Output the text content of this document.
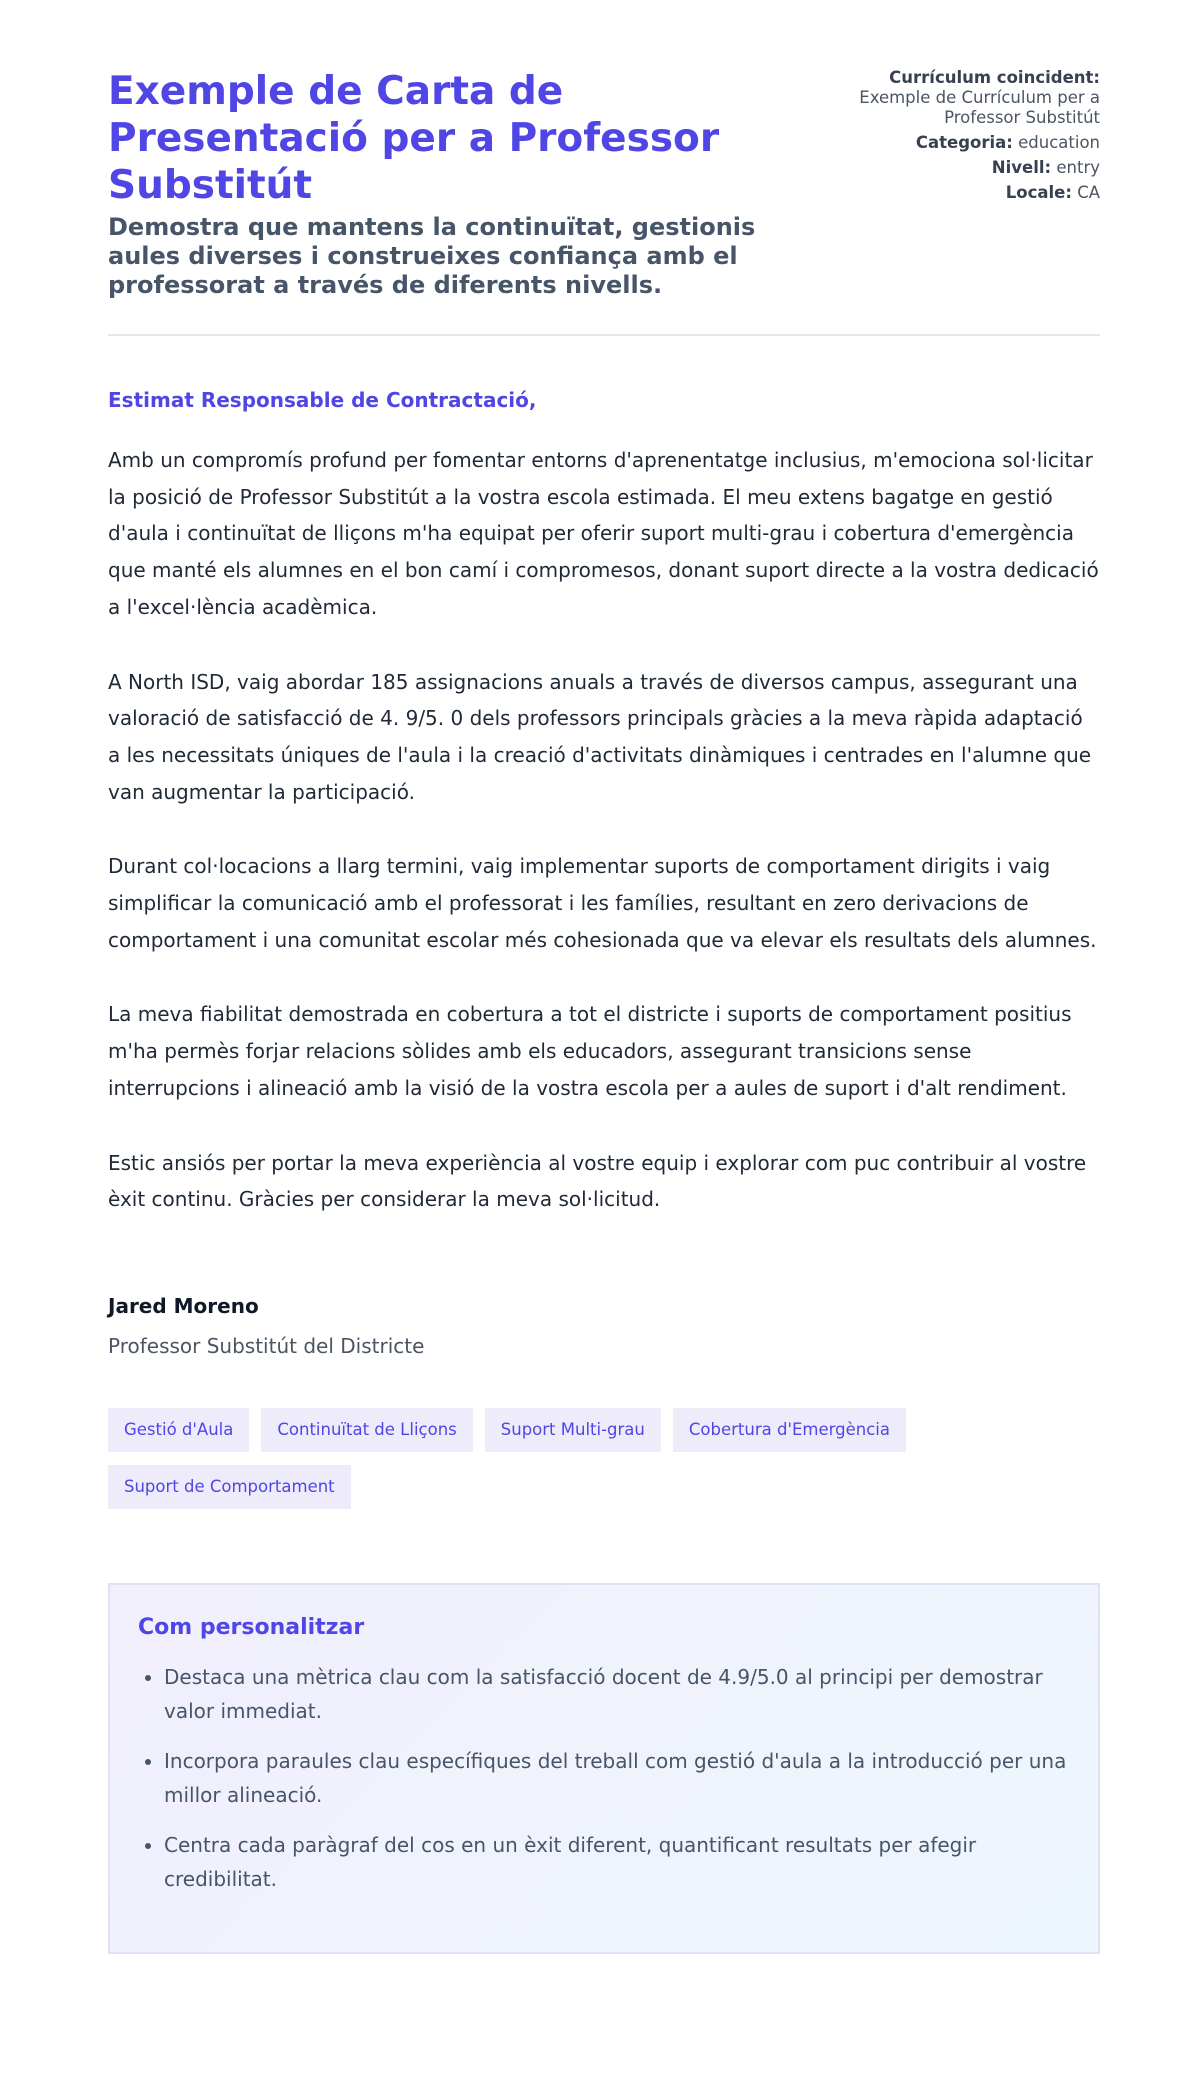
Exemple de Carta de Presentació per a Professor Substitút
Demostra que mantens la continuïtat, gestionis aules diverses i construeixes confiança amb el professorat a través de diferents nivells.
Currículum coincident:
Exemple de Currículum per a Professor Substitút
Categoria: education
Nivell: entry
Locale: CA
Estimat Responsable de Contractació,

Amb un compromís profund per fomentar entorns d'aprenentatge inclusius, m'emociona sol·licitar la posició de Professor Substitút a la vostra escola estimada. El meu extens bagatge en gestió d'aula i continuïtat de lliçons m'ha equipat per oferir suport multi-grau i cobertura d'emergència que manté els alumnes en el bon camí i compromesos, donant suport directe a la vostra dedicació a l'excel·lència acadèmica.

A North ISD, vaig abordar 185 assignacions anuals a través de diversos campus, assegurant una valoració de satisfacció de 4. 9/5. 0 dels professors principals gràcies a la meva ràpida adaptació a les necessitats úniques de l'aula i la creació d'activitats dinàmiques i centrades en l'alumne que van augmentar la participació.

Durant col·locacions a llarg termini, vaig implementar suports de comportament dirigits i vaig simplificar la comunicació amb el professorat i les famílies, resultant en zero derivacions de comportament i una comunitat escolar més cohesionada que va elevar els resultats dels alumnes.

La meva fiabilitat demostrada en cobertura a tot el districte i suports de comportament positius m'ha permès forjar relacions sòlides amb els educadors, assegurant transicions sense interrupcions i alineació amb la visió de la vostra escola per a aules de suport i d'alt rendiment.

Estic ansiós per portar la meva experiència al vostre equip i explorar com puc contribuir al vostre èxit continu. Gràcies per considerar la meva sol·licitud.

Jared Moreno
Professor Substitút del Districte
Gestió d'Aula	Continuïtat de Lliçons	Suport Multi-grau	Cobertura d'Emergència
Suport de Comportament
Com personalitzar
• Destaca una mètrica clau com la satisfacció docent de 4.9/5.0 al principi per demostrar valor immediat.
• Incorpora paraules clau específiques del treball com gestió d'aula a la introducció per una millor alineació.
• Centra cada paràgraf del cos en un èxit diferent, quantificant resultats per afegir credibilitat.
